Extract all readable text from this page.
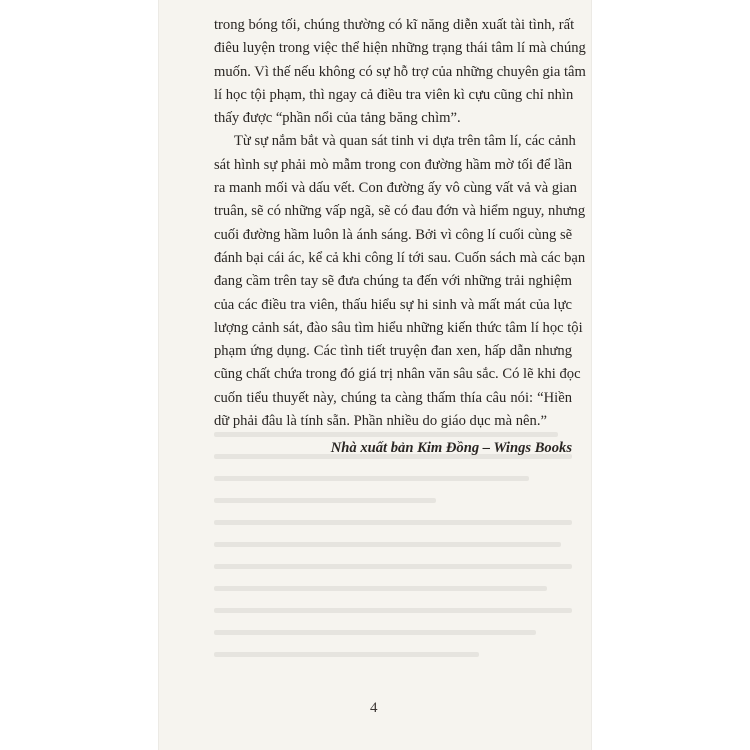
trong bóng tối, chúng thường có kĩ năng diễn xuất tài tình, rất
điêu luyện trong việc thể hiện những trạng thái tâm lí mà chúng
muốn. Vì thế nếu không có sự hỗ trợ của những chuyên gia tâm
lí học tội phạm, thì ngay cả điều tra viên kì cựu cũng chỉ nhìn
thấy được “phần nổi của tảng băng chìm”.

Từ sự nắm bắt và quan sát tinh vi dựa trên tâm lí, các cảnh
sát hình sự phải mò mẫm trong con đường hầm mờ tối để lần
ra manh mối và dấu vết. Con đường ấy vô cùng vất vả và gian
truân, sẽ có những vấp ngã, sẽ có đau đớn và hiểm nguy, nhưng
cuối đường hầm luôn là ánh sáng. Bởi vì công lí cuối cùng sẽ
đánh bại cái ác, kể cả khi công lí tới sau. Cuốn sách mà các bạn
đang cầm trên tay sẽ đưa chúng ta đến với những trải nghiệm
của các điều tra viên, thấu hiểu sự hi sinh và mất mát của lực
lượng cảnh sát, đào sâu tìm hiểu những kiến thức tâm lí học tội
phạm ứng dụng. Các tình tiết truyện đan xen, hấp dẫn nhưng
cũng chất chứa trong đó giá trị nhân văn sâu sắc. Có lẽ khi đọc
cuốn tiểu thuyết này, chúng ta càng thấm thía câu nói: “Hiền
dữ phải đâu là tính sẵn. Phần nhiều do giáo dục mà nên.”

Nhà xuất bản Kim Đồng – Wings Books

4
